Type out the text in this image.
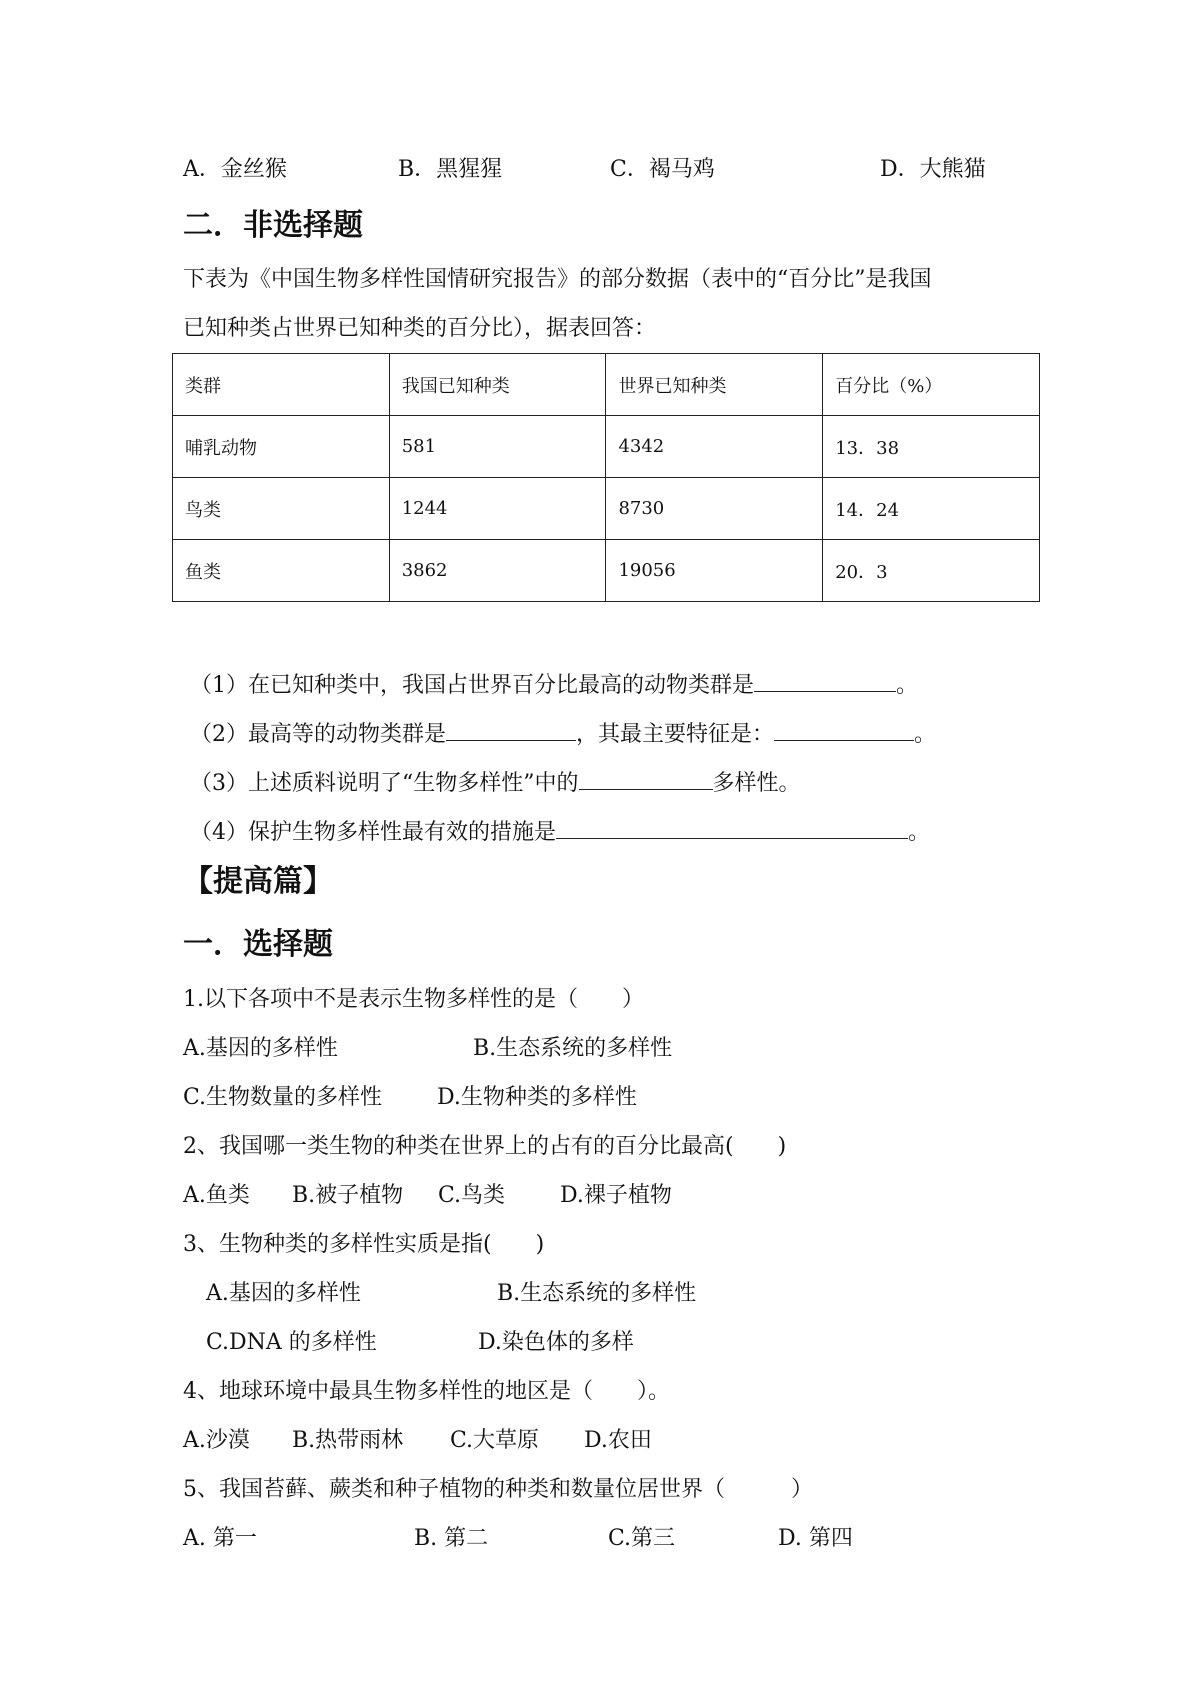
A．金丝猴	B．黑猩猩	C．褐马鸡	D．大熊猫
二．非选择题
下表为《中国生物多样性国情研究报告》的部分数据（表中的“百分比”是我国
已知种类占世界已知种类的百分比），据表回答：
类群	我国已知种类	世界已知种类	百分比（%）
哺乳动物	581	4342	13．38
鸟类	1244	8730	14．24
鱼类	3862	19056	20．3
（1）在已知种类中，我国占世界百分比最高的动物类群是	。
（2）最高等的动物类群是	，其最主要特征是：	。
（3）上述质料说明了“生物多样性”中的	多样性。
（4）保护生物多样性最有效的措施是	。
【提高篇】
一．选择题
1.以下各项中不是表示生物多样性的是（　　）
A.基因的多样性	B.生态系统的多样性
C.生物数量的多样性 D.生物种类的多样性
2、我国哪一类生物的种类在世界上的占有的百分比最高(　　)
A.鱼类 B.被子植物 C.鸟类 D.裸子植物
3、生物种类的多样性实质是指(　　)
A.基因的多样性	B.生态系统的多样性
C.DNA 的多样性	D.染色体的多样
4、地球环境中最具生物多样性的地区是（　　）。
A.沙漠 B.热带雨林 C.大草原 D.农田
5、我国苔藓、蕨类和种子植物的种类和数量位居世界（　　　）
A. 第一	B. 第二	C.第三	D. 第四
